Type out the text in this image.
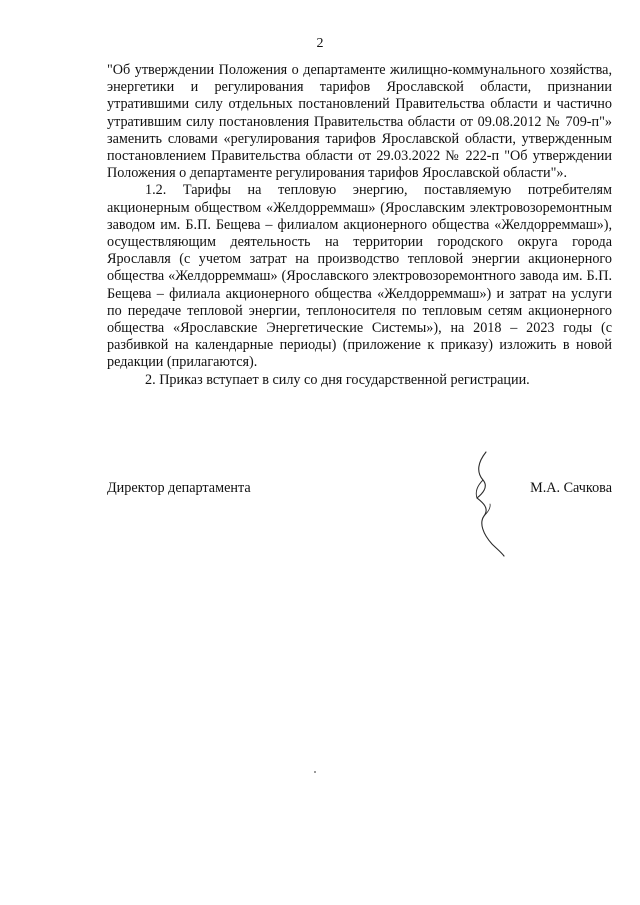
2

"Об утверждении Положения о департаменте жилищно-коммунального хозяйства, энергетики и регулирования тарифов Ярославской области, признании утратившими силу отдельных постановлений Правительства области и частично утратившим силу постановления Правительства области от 09.08.2012 № 709-п"» заменить словами «регулирования тарифов Ярославской области, утвержденным постановлением Правительства области от 29.03.2022 № 222-п "Об утверждении Положения о департаменте регулирования тарифов Ярославской области"».

1.2. Тарифы на тепловую энергию, поставляемую потребителям акционерным обществом «Желдорреммаш» (Ярославским электровозоремонтным заводом им. Б.П. Бещева – филиалом акционерного общества «Желдорреммаш»), осуществляющим деятельность на территории городского округа города Ярославля (с учетом затрат на производство тепловой энергии акционерного общества «Желдорреммаш» (Ярославского электровозоремонтного завода им. Б.П. Бещева – филиала акционерного общества «Желдорреммаш») и затрат на услуги по передаче тепловой энергии, теплоносителя по тепловым сетям акционерного общества «Ярославские Энергетические Системы»), на 2018 – 2023 годы (с разбивкой на календарные периоды) (приложение к приказу) изложить в новой редакции (прилагаются).

2. Приказ вступает в силу со дня государственной регистрации.

Директор департамента	М.А. Сачкова
